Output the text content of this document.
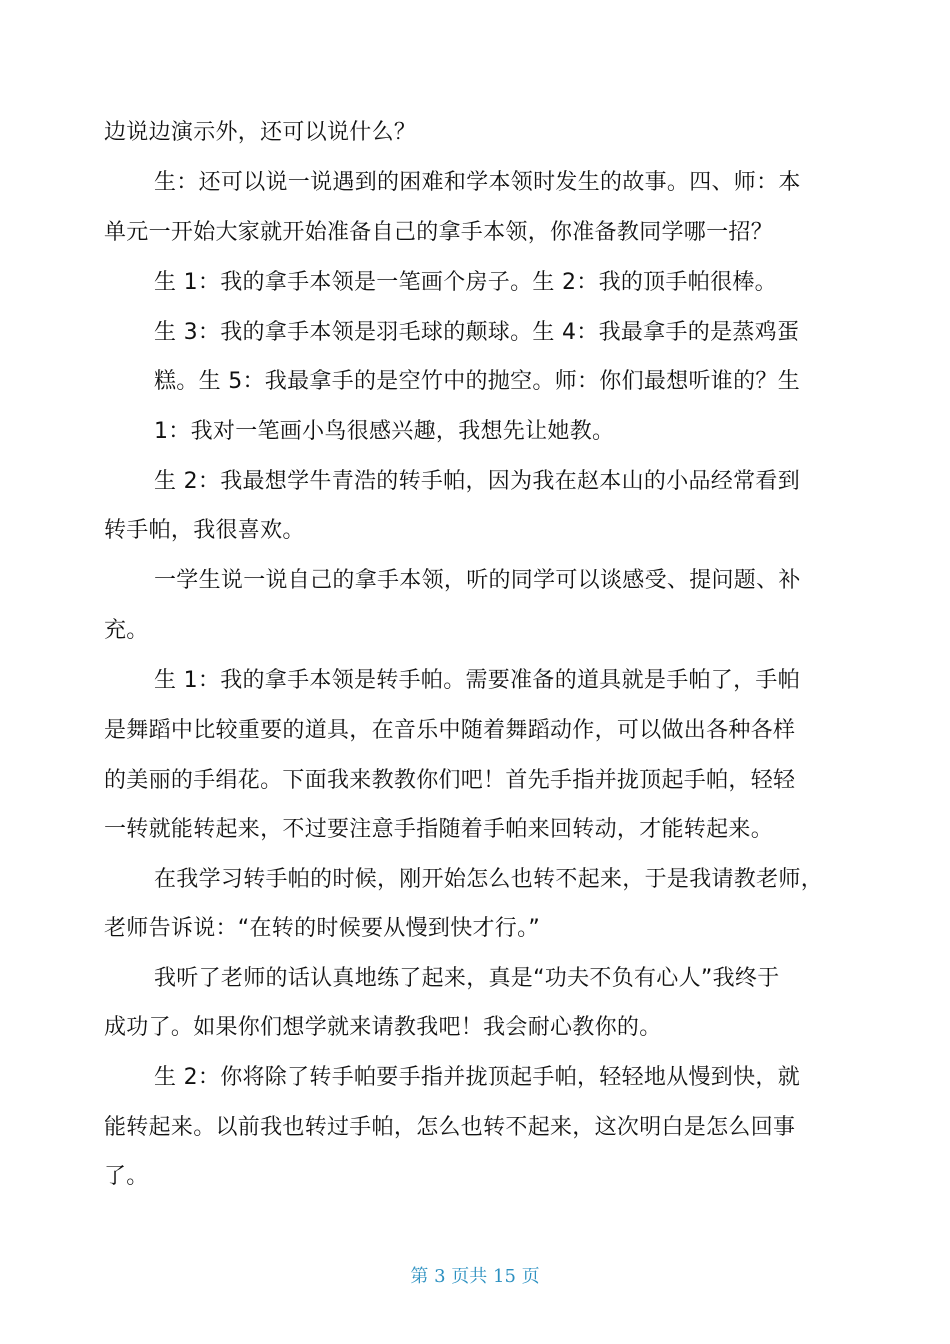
边说边演示外，还可以说什么？
生：还可以说一说遇到的困难和学本领时发生的故事。四、师：本
单元一开始大家就开始准备自己的拿手本领，你准备教同学哪一招？
生 1：我的拿手本领是一笔画个房子。生 2：我的顶手帕很棒。
生 3：我的拿手本领是羽毛球的颠球。生 4：我最拿手的是蒸鸡蛋
糕。生 5：我最拿手的是空竹中的抛空。师：你们最想听谁的？生
1：我对一笔画小鸟很感兴趣，我想先让她教。
生 2：我最想学牛青浩的转手帕，因为我在赵本山的小品经常看到
转手帕，我很喜欢。
一学生说一说自己的拿手本领，听的同学可以谈感受、提问题、补
充。
生 1：我的拿手本领是转手帕。需要准备的道具就是手帕了，手帕
是舞蹈中比较重要的道具，在音乐中随着舞蹈动作，可以做出各种各样
的美丽的手绢花。下面我来教教你们吧！首先手指并拢顶起手帕，轻轻
一转就能转起来，不过要注意手指随着手帕来回转动，才能转起来。
在我学习转手帕的时候，刚开始怎么也转不起来，于是我请教老师，
老师告诉说：“在转的时候要从慢到快才行。”
我听了老师的话认真地练了起来，真是“功夫不负有心人”我终于
成功了。如果你们想学就来请教我吧！我会耐心教你的。
生 2：你将除了转手帕要手指并拢顶起手帕，轻轻地从慢到快，就
能转起来。以前我也转过手帕，怎么也转不起来，这次明白是怎么回事
了。
第 3 页共 15 页
